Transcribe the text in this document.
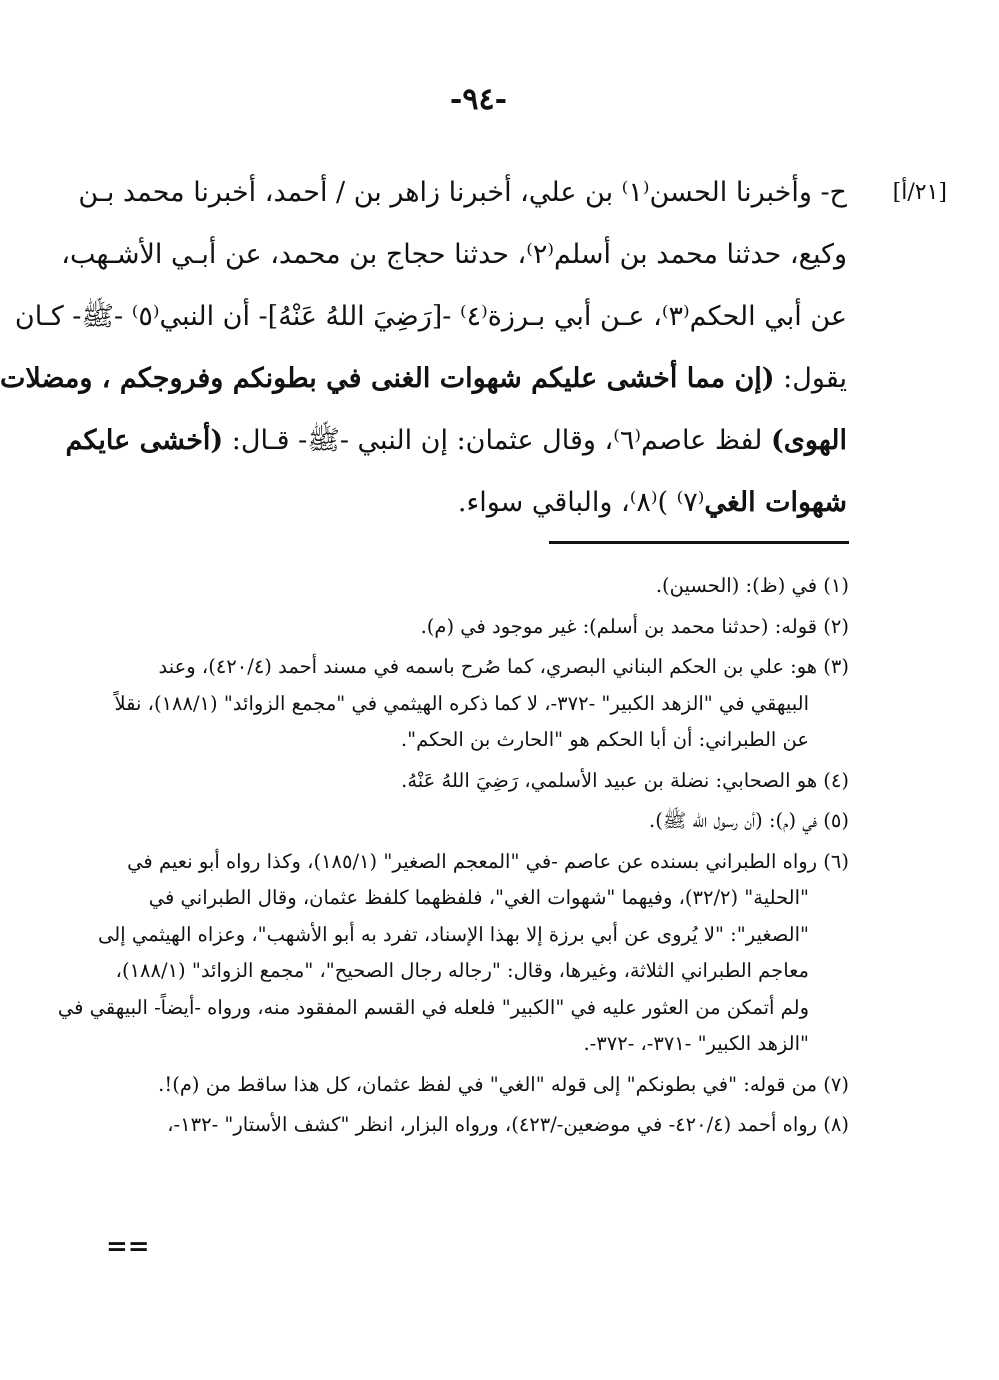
-٩٤-
[٢١/أ]
ح- وأخبرنا الحسن⁽١⁾ بن علي، أخبرنا زاهر بن / أحمد، أخبرنا محمد بـن
وكيع، حدثنا محمد بن أسلم⁽٢⁾، حدثنا حجاج بن محمد، عن أبـي الأشـهب،
عن أبي الحكم⁽٣⁾، عـن أبي بـرزة⁽٤⁾ -[رَضِيَ اللهُ عَنْهُ]- أن النبي⁽٥⁾ -ﷺ- كـان
يقول: (إن مما أخشى عليكم شهوات الغنى في بطونكم وفروجكم ، ومضلات
الهوى) لفظ عاصم⁽٦⁾، وقال عثمان: إن النبي -ﷺ- قـال: (أخشى عايكم
شهوات الغي⁽٧⁾ )⁽٨⁾، والباقي سواء.
(١) في (ظ): (الحسين).
(٢) قوله: (حدثنا محمد بن أسلم): غير موجود في (م).
(٣) هو: علي بن الحكم البناني البصري، كما صُرح باسمه في مسند أحمد (٤٢٠/٤)، وعند
البيهقي في "الزهد الكبير" -٣٧٢-، لا كما ذكره الهيثمي في "مجمع الزوائد" (١٨٨/١)، نقلاً
عن الطبراني: أن أبا الحكم هو "الحارث بن الحكم".
(٤) هو الصحابي: نضلة بن عبيد الأسلمي، رَضِيَ اللهُ عَنْهُ.
(٥) في (م): (أن رسول الله ﷺ).
(٦) رواه الطبراني بسنده عن عاصم -في "المعجم الصغير" (١٨٥/١)، وكذا رواه أبو نعيم في
"الحلية" (٣٢/٢)، وفيهما "شهوات الغي"، فلفظهما كلفظ عثمان، وقال الطبراني في
"الصغير": "لا يُروى عن أبي برزة إلا بهذا الإسناد، تفرد به أبو الأشهب"، وعزاه الهيثمي إلى
معاجم الطبراني الثلاثة، وغيرها، وقال: "رجاله رجال الصحيح"، "مجمع الزوائد" (١٨٨/١)،
ولم أتمكن من العثور عليه في "الكبير" فلعله في القسم المفقود منه، ورواه -أيضاً- البيهقي في
"الزهد الكبير" -٣٧١-، -٣٧٢-.
(٧) من قوله: "في بطونكم" إلى قوله "الغي" في لفظ عثمان، كل هذا ساقط من (م)!.
(٨) رواه أحمد (٤٢٠/٤- في موضعين-/٤٢٣)، ورواه البزار، انظر "كشف الأستار" -١٣٢-،
==
